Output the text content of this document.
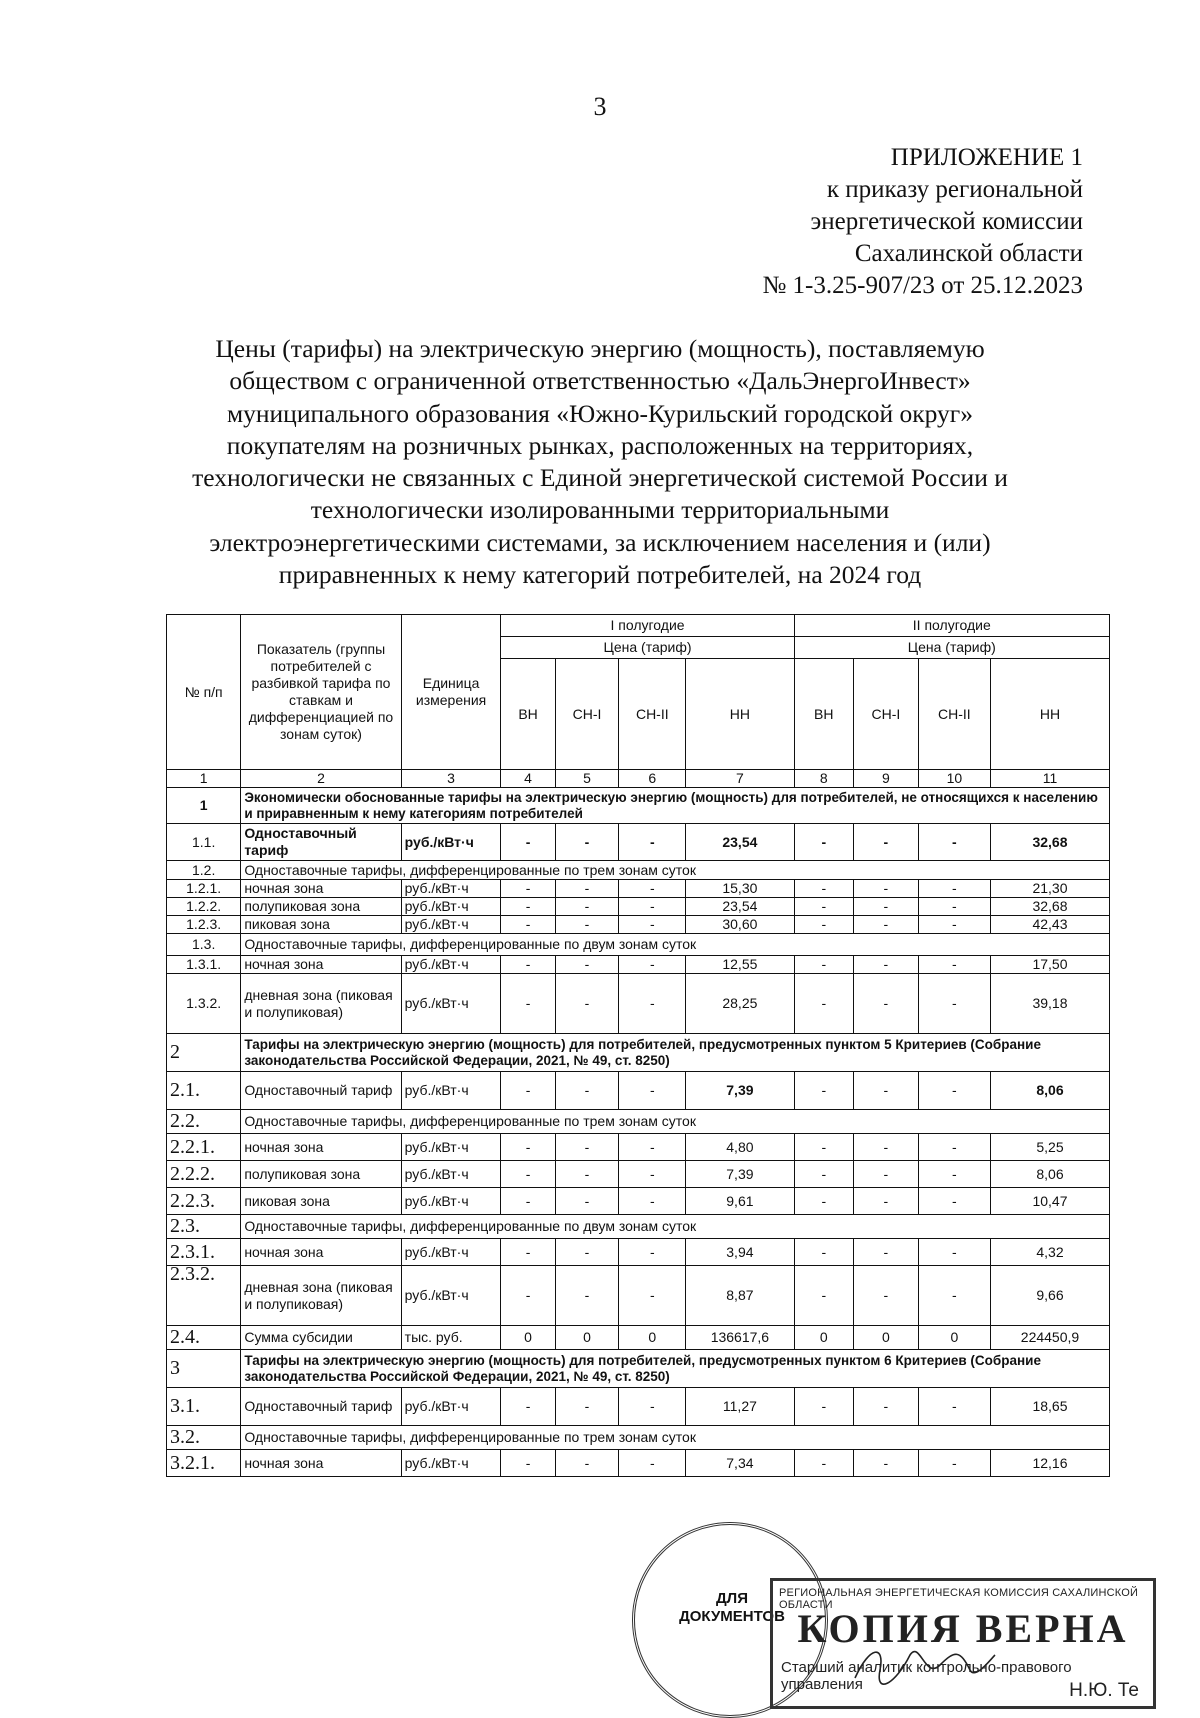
3
ПРИЛОЖЕНИЕ 1
к приказу региональной
энергетической комиссии
Сахалинской области
№ 1-3.25-907/23 от 25.12.2023
Цены (тарифы) на электрическую энергию (мощность), поставляемую
обществом с ограниченной ответственностью «ДальЭнергоИнвест»
муниципального образования «Южно-Курильский городской округ»
покупателям на розничных рынках, расположенных на территориях,
технологически не связанных с Единой энергетической системой России и
технологически изолированными территориальными
электроэнергетическими системами, за исключением населения и (или)
приравненных к нему категорий потребителей, на 2024 год
№ п/п	Показатель (группы потребителей с разбивкой тарифа по ставкам и дифференциацией по зонам суток)	Единица измерения	I полугодие				II полугодие			
			Цена (тариф)				Цена (тариф)			
			ВН	СН-I	СН-II	НН	ВН	СН-I	СН-II	НН
1	2	3	4	5	6	7	8	9	10	11
1	Экономически обоснованные тарифы на электрическую энергию (мощность) для потребителей, не относящихся к населению и приравненным к нему категориям потребителей									
1.1.	Одноставочный тариф	руб./кВт·ч	-	-	-	23,54	-	-	-	32,68
1.2.	Одноставочные тарифы, дифференцированные по трем зонам суток									
1.2.1.	ночная зона	руб./кВт·ч	-	-	-	15,30	-	-	-	21,30
1.2.2.	полупиковая зона	руб./кВт·ч	-	-	-	23,54	-	-	-	32,68
1.2.3.	пиковая зона	руб./кВт·ч	-	-	-	30,60	-	-	-	42,43
1.3.	Одноставочные тарифы, дифференцированные по двум зонам суток									
1.3.1.	ночная зона	руб./кВт·ч	-	-	-	12,55	-	-	-	17,50
1.3.2.	дневная зона (пиковая и полупиковая)	руб./кВт·ч	-	-	-	28,25	-	-	-	39,18
2	Тарифы на электрическую энергию (мощность) для потребителей, предусмотренных пунктом 5 Критериев (Собрание законодательства Российской Федерации, 2021, № 49, ст. 8250)									
2.1.	Одноставочный тариф	руб./кВт·ч	-	-	-	7,39	-	-	-	8,06
2.2.	Одноставочные тарифы, дифференцированные по трем зонам суток									
2.2.1.	ночная зона	руб./кВт·ч	-	-	-	4,80	-	-	-	5,25
2.2.2.	полупиковая зона	руб./кВт·ч	-	-	-	7,39	-	-	-	8,06
2.2.3.	пиковая зона	руб./кВт·ч	-	-	-	9,61	-	-	-	10,47
2.3.	Одноставочные тарифы, дифференцированные по двум зонам суток									
2.3.1.	ночная зона	руб./кВт·ч	-	-	-	3,94	-	-	-	4,32
2.3.2.	дневная зона (пиковая и полупиковая)	руб./кВт·ч	-	-	-	8,87	-	-	-	9,66
2.4.	Сумма субсидии	тыс. руб.	0	0	0	136617,6	0	0	0	224450,9
3	Тарифы на электрическую энергию (мощность) для потребителей, предусмотренных пунктом 6 Критериев (Собрание законодательства Российской Федерации, 2021, № 49, ст. 8250)									
3.1.	Одноставочный тариф	руб./кВт·ч	-	-	-	11,27	-	-	-	18,65
3.2.	Одноставочные тарифы, дифференцированные по трем зонам суток									
3.2.1.	ночная зона	руб./кВт·ч	-	-	-	7,34	-	-	-	12,16
ДЛЯ ДОКУМЕНТОВ
РЕГИОНАЛЬНАЯ ЭНЕРГЕТИЧЕСКАЯ КОМИССИЯ САХАЛИНСКОЙ ОБЛАСТИ
КОПИЯ ВЕРНА
Старший аналитик контрольно-правового управления	Н.Ю. Те
